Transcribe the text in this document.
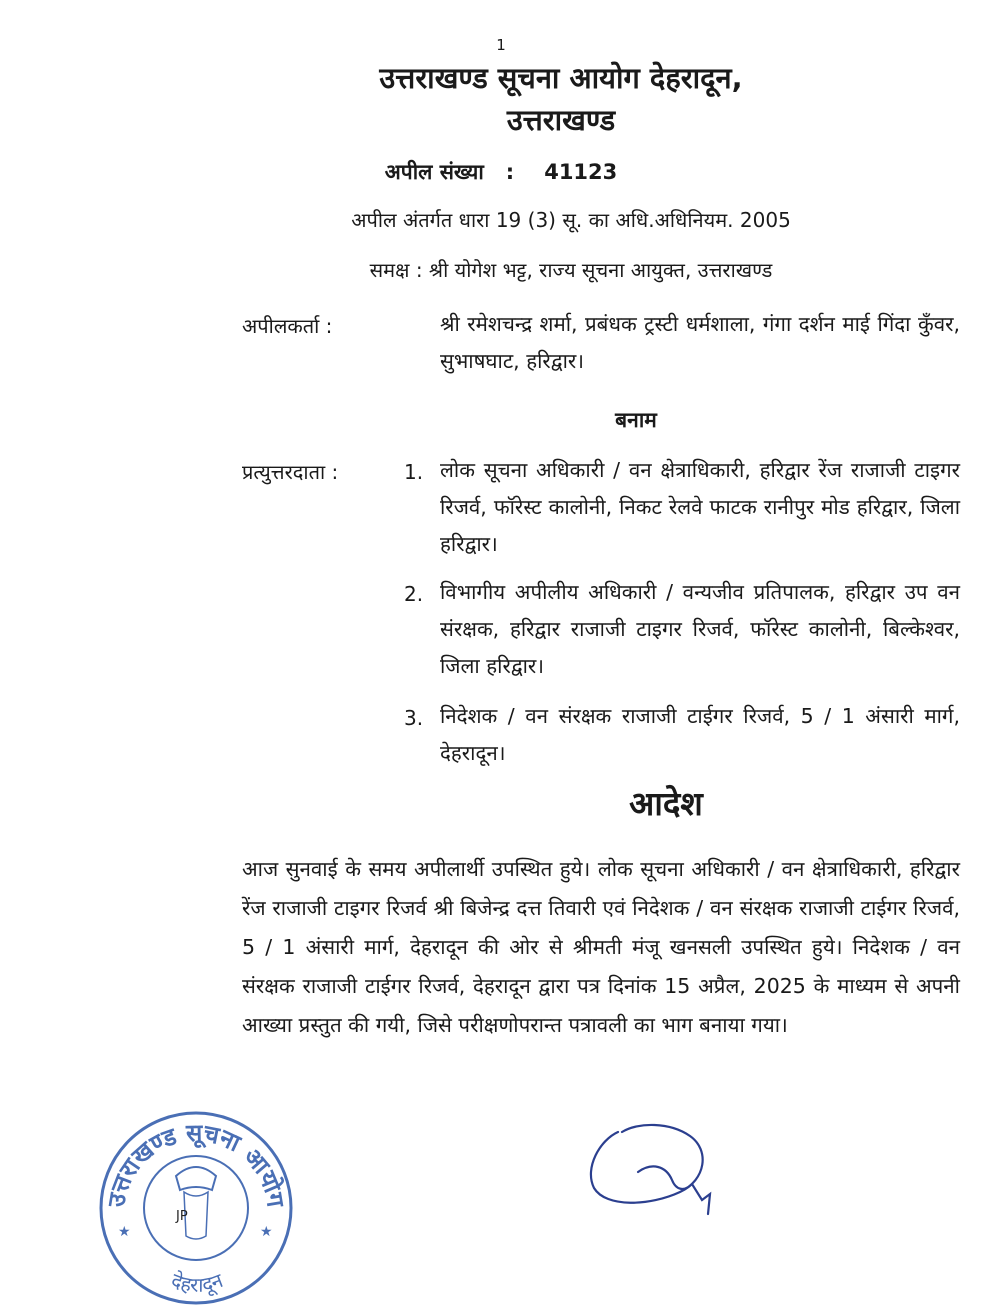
1
उत्तराखण्ड सूचना आयोग देहरादून,
उत्तराखण्ड
अपील संख्या : 41123
अपील अंतर्गत धारा 19 (3) सू. का अधि.अधिनियम. 2005
समक्ष : श्री योगेश भट्ट, राज्य सूचना आयुक्त, उत्तराखण्ड
अपीलकर्ता :	श्री रमेशचन्द्र शर्मा, प्रबंधक ट्रस्टी धर्मशाला, गंगा दर्शन माई गिंदा कुँवर, सुभाषघाट, हरिद्वार।
बनाम
प्रत्युत्तरदाता :	1. लोक सूचना अधिकारी / वन क्षेत्राधिकारी, हरिद्वार रेंज राजाजी टाइगर रिजर्व, फॉरेस्ट कालोनी, निकट रेलवे फाटक रानीपुर मोड हरिद्वार, जिला हरिद्वार।
2. विभागीय अपीलीय अधिकारी / वन्यजीव प्रतिपालक, हरिद्वार उप वन संरक्षक, हरिद्वार राजाजी टाइगर रिजर्व, फॉरेस्ट कालोनी, बिल्केश्वर, जिला हरिद्वार।
3. निदेशक / वन संरक्षक राजाजी टाईगर रिजर्व, 5 / 1 अंसारी मार्ग, देहरादून।
आदेश
आज सुनवाई के समय अपीलार्थी उपस्थित हुये। लोक सूचना अधिकारी / वन क्षेत्राधिकारी, हरिद्वार रेंज राजाजी टाइगर रिजर्व श्री बिजेन्द्र दत्त तिवारी एवं निदेशक / वन संरक्षक राजाजी टाईगर रिजर्व, 5 / 1 अंसारी मार्ग, देहरादून की ओर से श्रीमती मंजू खनसली उपस्थित हुये। निदेशक / वन संरक्षक राजाजी टाईगर रिजर्व, देहरादून द्वारा पत्र दिनांक 15 अप्रैल, 2025 के माध्यम से अपनी आख्या प्रस्तुत की गयी, जिसे परीक्षणोपरान्त पत्रावली का भाग बनाया गया।
उत्तराखण्ड सूचना आयोग
देहरादून
★	★
JP
